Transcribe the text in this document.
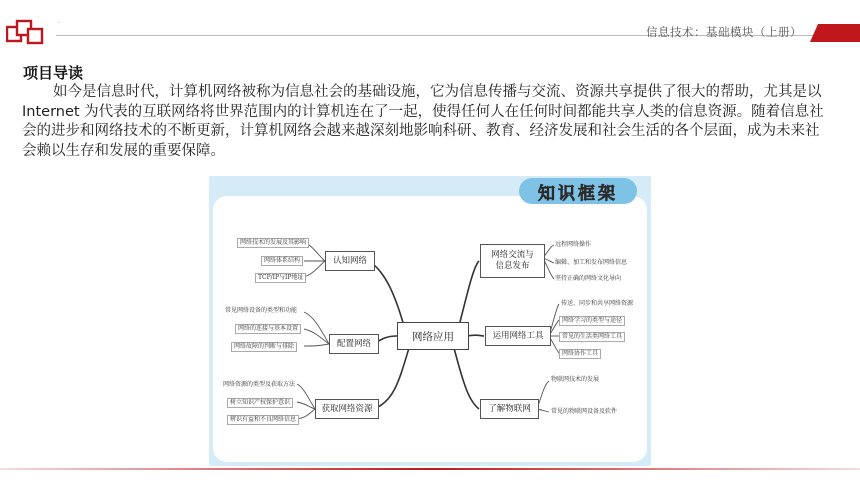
·
信息技术：基础模块（上册）
项目导读

如今是信息时代，计算机网络被称为信息社会的基础设施，它为信息传播与交流、资源共享提供了很大的帮助，尤其是以 Internet 为代表的互联网络将世界范围内的计算机连在了一起，使得任何人在任何时间都能共享人类的信息资源。随着信息社会的进步和网络技术的不断更新，计算机网络会越来越深刻地影响科研、教育、经济发展和社会生活的各个层面，成为未来社会赖以生存和发展的重要保障。

知识框架
网络应用
认知网络
配置网络
获取网络资源
网络交流与
信息发布
运用网络工具
了解物联网
网络技术的发展及其影响
网络体系结构
TCP/IP与IP地址
常见网络设备的类型和功能
网络的连接与基本设置
网络故障的判断与排除
网络资源的类型及获取方法
树立知识产权保护意识
辨识有益和不良网络信息
远程网络操作
编辑、加工和发布网络信息
坚持正确的网络文化导向
传送、同步和共享网络资源
网络学习的类型与途径
常见的生活类网络工具
网络协作工具
物联网技术的发展
常见的物联网设备及软件
